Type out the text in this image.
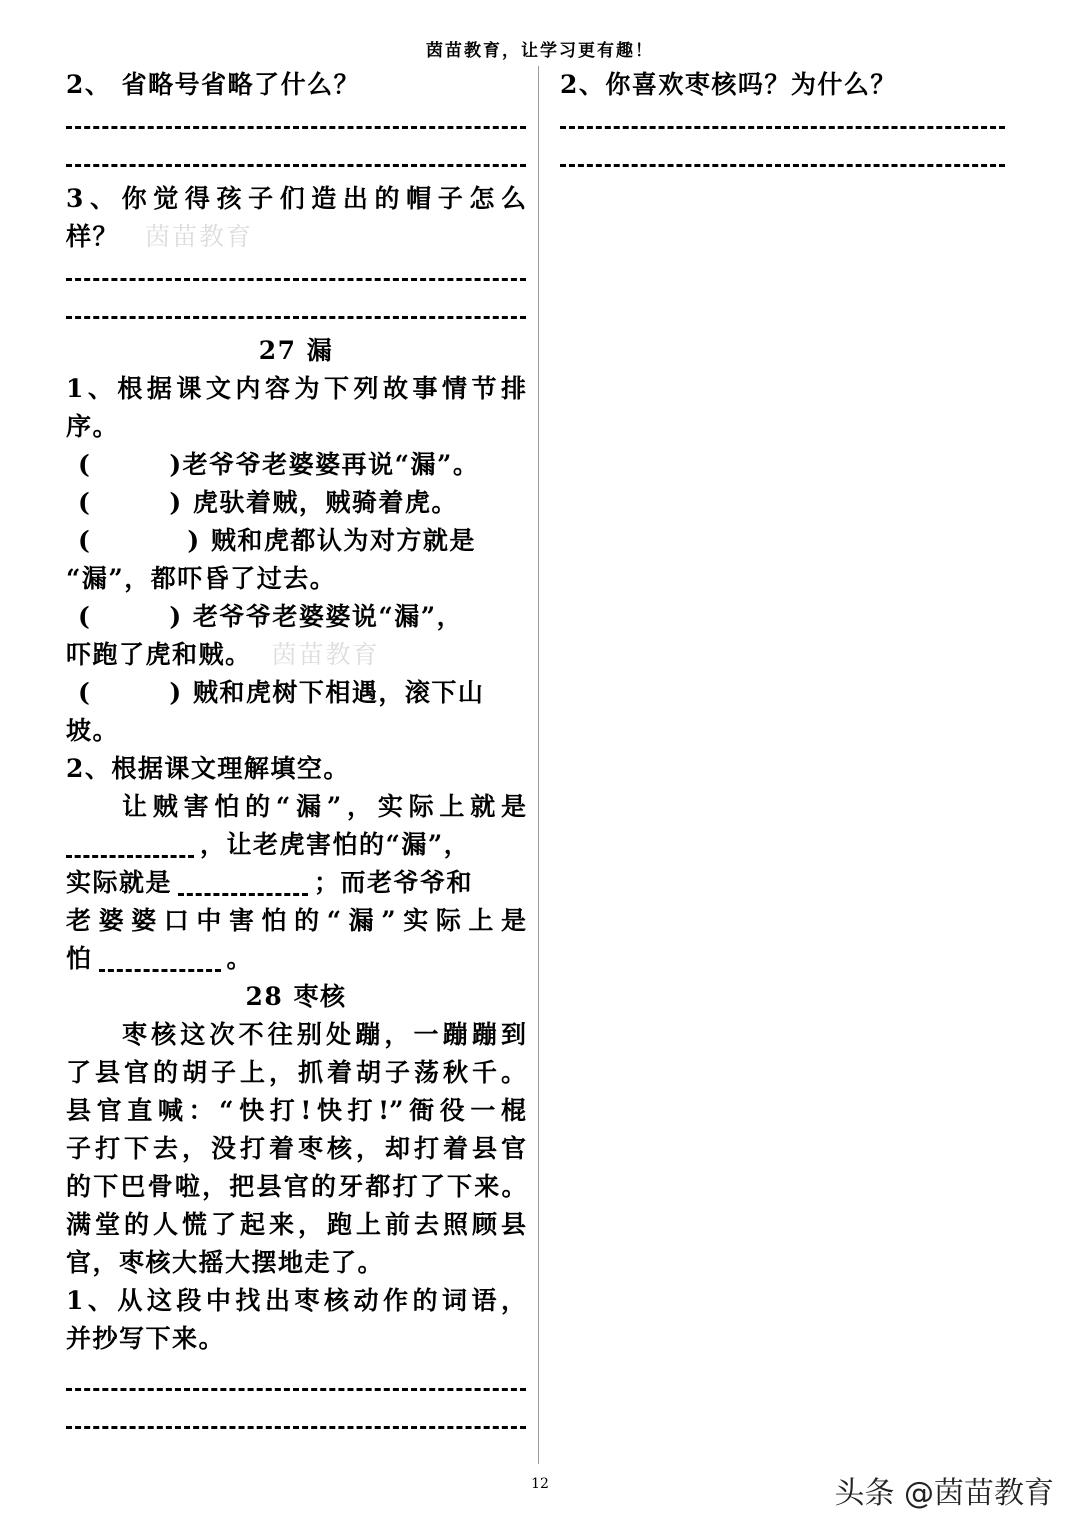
茵苗教育，让学习更有趣！
2、 省略号省略了什么？
3、你觉得孩子们造出的帽子怎么
样？ 茵苗教育
27 漏
1、根据课文内容为下列故事情节排
序。
(	)老爷爷老婆婆再说“漏”。
(	) 虎驮着贼，贼骑着虎。
(	) 贼和虎都认为对方就是
“漏”，都吓昏了过去。
(	) 老爷爷老婆婆说“漏”，
吓跑了虎和贼。 茵苗教育
(	) 贼和虎树下相遇，滚下山
坡。
2、根据课文理解填空。
让贼害怕的“漏”，实际上就是
，让老虎害怕的“漏”，
实际就是	；而老爷爷和
老婆婆口中害怕的“漏”实际上是
怕	。
28 枣核
枣核这次不往别处蹦，一蹦蹦到
了县官的胡子上，抓着胡子荡秋千。
县官直喊：“快打!快打!”衙役一棍
子打下去，没打着枣核，却打着县官
的下巴骨啦，把县官的牙都打了下来。
满堂的人慌了起来，跑上前去照顾县
官，枣核大摇大摆地走了。
1、从这段中找出枣核动作的词语，
并抄写下来。
2、你喜欢枣核吗？为什么？
12	头条 @茵苗教育
